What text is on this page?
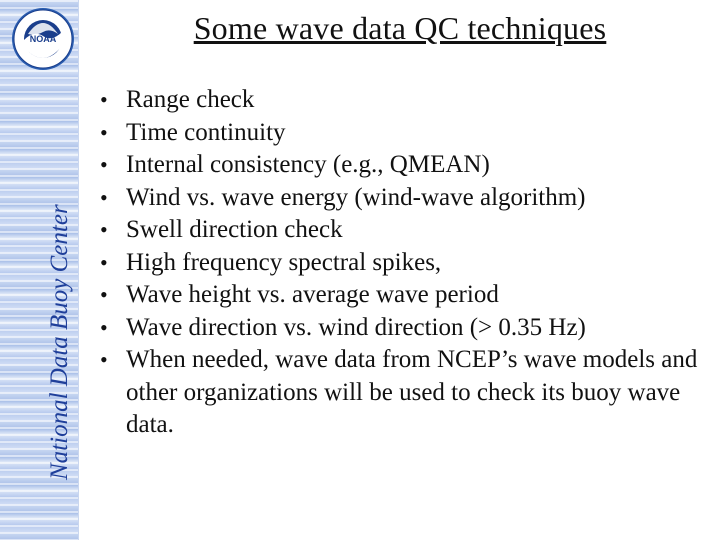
NOAA
National Data Buoy Center
Some wave data QC techniques
• Range check
• Time continuity
• Internal consistency (e.g., QMEAN)
• Wind vs. wave energy (wind-wave algorithm)
• Swell direction check
• High frequency spectral spikes,
• Wave height vs. average wave period
• Wave direction vs. wind direction (> 0.35 Hz)
• When needed, wave data from NCEP’s wave models and other organizations will be used to check its buoy wave data.
